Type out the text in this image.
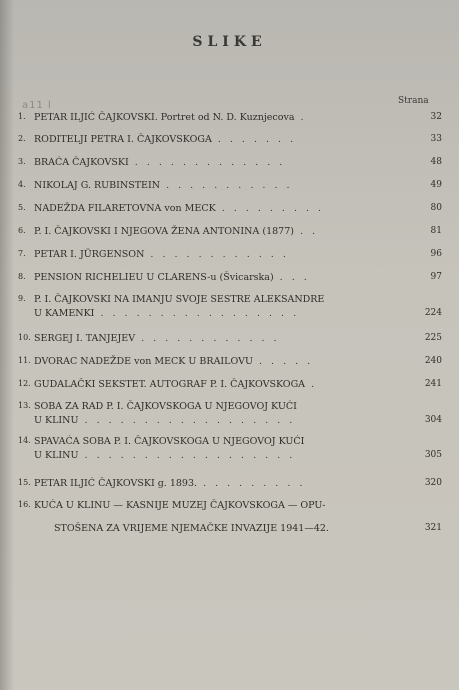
SLIKE
Strana
a11 l
1. PETAR ILJIĆ ČAJKOVSKI. Portret od N. D. Kuznjecova .	32
2. RODITELJI PETRA I. ČAJKOVSKOGA . . . . . . .	33
3. BRAĆA ČAJKOVSKI . . . . . . . . . . . . .	48
4. NIKOLAJ G. RUBINSTEIN . . . . . . . . . . .	49
5. NADEŽDA FILARETOVNA von MECK . . . . . . . . .	80
6. P. I. ČAJKOVSKI I NJEGOVA ŽENA ANTONINA (1877) . .	81
7. PETAR I. JÜRGENSON . . . . . . . . . . . .	96
8. PENSION RICHELIEU U CLARENS-u (Švicarska) . . .	97
9. P. I. ČAJKOVSKI NA IMANJU SVOJE SESTRE ALEKSANDRE
U KAMENKI . . . . . . . . . . . . . . . . .	224
10. SERGEJ I. TANJEJEV . . . . . . . . . . . .	225
11. DVORAC NADEŽDE von MECK U BRAILOVU . . . . .	240
12. GUDALAČKI SEKSTET. AUTOGRAF P. I. ČAJKOVSKOGA .	241
13. SOBA ZA RAD P. I. ČAJKOVSKOGA U NJEGOVOJ KUĆI
U KLINU . . . . . . . . . . . . . . . . . .	304
14. SPAVAĆA SOBA P. I. ČAJKOVSKOGA U NJEGOVOJ KUĆI
U KLINU . . . . . . . . . . . . . . . . . .	305
15. PETAR ILJIĆ ČAJKOVSKI g. 1893. . . . . . . . . .	320
16. KUĆA U KLINU — KASNIJE MUZEJ ČAJKOVSKOGA — OPU-
STOŠENA ZA VRIJEME NJEMAČKE INVAZIJE 1941—42.	321
